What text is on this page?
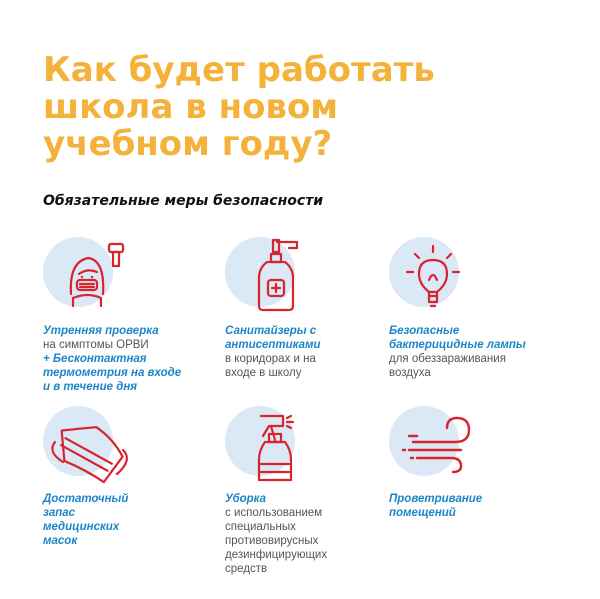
Как будет работать
школа в новом
учебном году?
Обязательные меры безопасности
Утренняя проверка
на симптомы ОРВИ
+ Бесконтактная
термометрия на входе
и в течение дня
Санитайзеры с
антисептиками
в коридорах и на
входе в школу
Безопасные
бактерицидные лампы
для обеззараживания
воздуха
Достаточный
запас
медицинских
масок
Уборка
с использованием
специальных
противовирусных
дезинфицирующих
средств
Проветривание
помещений
